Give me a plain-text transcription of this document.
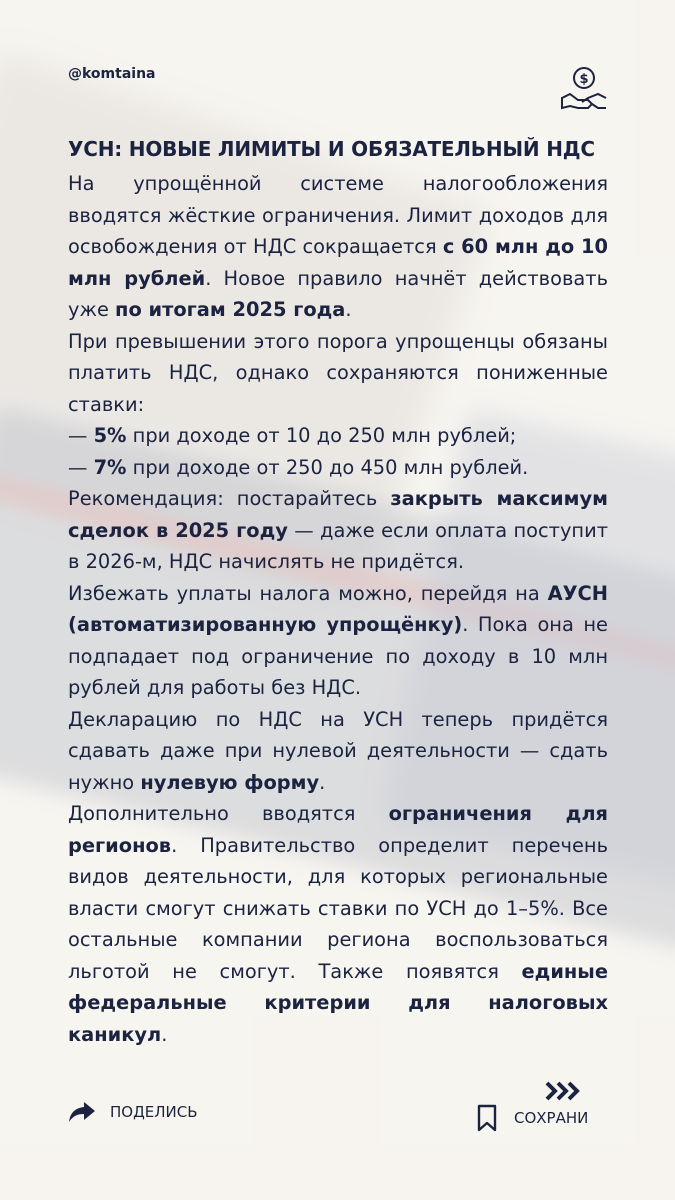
@komtaina	$
УСН: НОВЫЕ ЛИМИТЫ И ОБЯЗАТЕЛЬНЫЙ НДС

На упрощённой системе налогообложения вводятся жёсткие ограничения. Лимит доходов для освобождения от НДС сокращается с 60 млн до 10 млн рублей. Новое правило начнёт действовать уже по итогам 2025 года.

При превышении этого порога упрощенцы обязаны платить НДС, однако сохраняются пониженные ставки:

— 5% при доходе от 10 до 250 млн рублей;

— 7% при доходе от 250 до 450 млн рублей.

Рекомендация: постарайтесь закрыть максимум сделок в 2025 году — даже если оплата поступит в 2026-м, НДС начислять не придётся.

Избежать уплаты налога можно, перейдя на АУСН (автоматизированную упрощёнку). Пока она не подпадает под ограничение по доходу в 10 млн рублей для работы без НДС.

Декларацию по НДС на УСН теперь придётся сдавать даже при нулевой деятельности — сдать нужно нулевую форму.

Дополнительно вводятся ограничения для регионов. Правительство определит перечень видов деятельности, для которых региональные власти смогут снижать ставки по УСН до 1–5%. Все остальные компании региона воспользоваться льготой не смогут. Также появятся единые федеральные критерии для налоговых каникул.

ПОДЕЛИСЬ	СОХРАНИ
